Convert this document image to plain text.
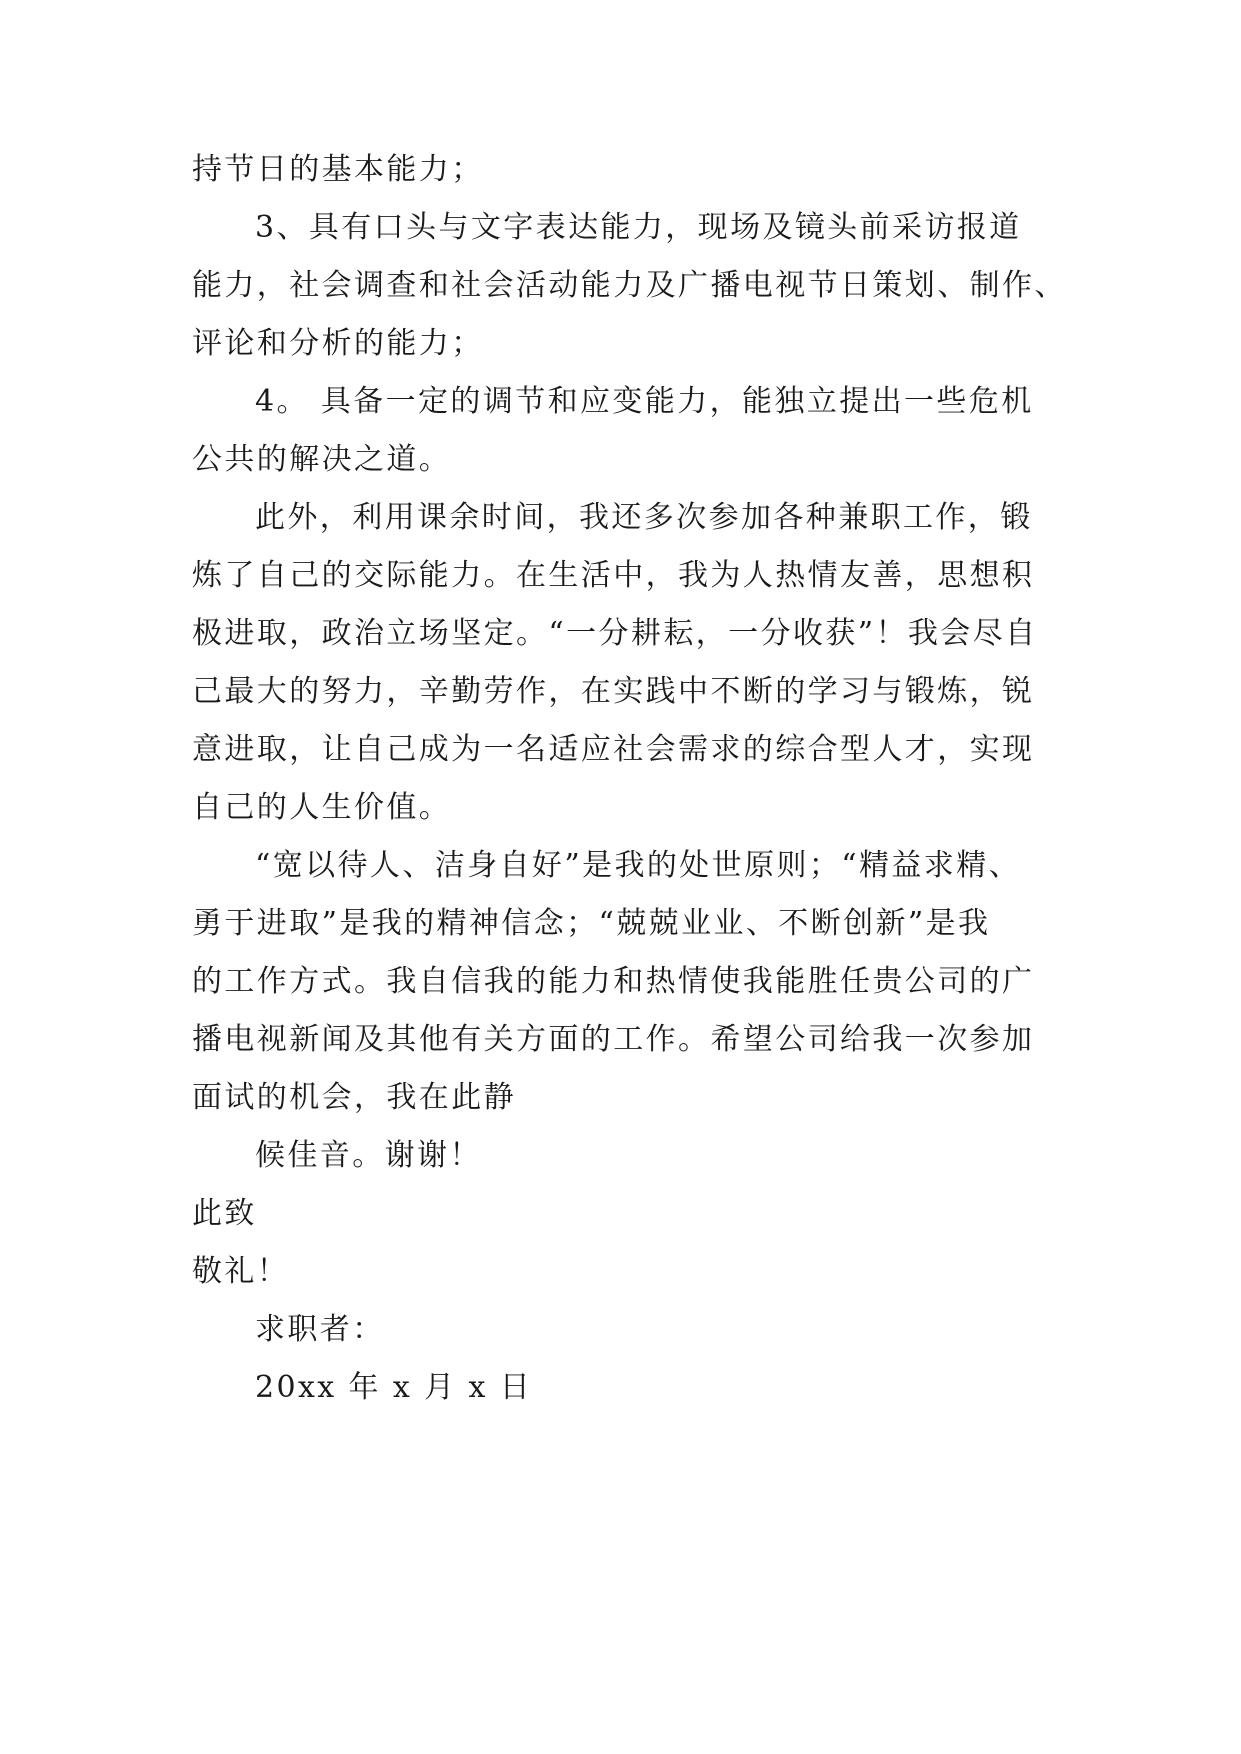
持节日的基本能力；
3、具有口头与文字表达能力，现场及镜头前采访报道
能力，社会调查和社会活动能力及广播电视节日策划、制作、
评论和分析的能力；
4。 具备一定的调节和应变能力，能独立提出一些危机
公共的解决之道。
此外，利用课余时间，我还多次参加各种兼职工作，锻
炼了自己的交际能力。在生活中，我为人热情友善，思想积
极进取，政治立场坚定。“一分耕耘，一分收获”！我会尽自
己最大的努力，辛勤劳作，在实践中不断的学习与锻炼，锐
意进取，让自己成为一名适应社会需求的综合型人才，实现
自己的人生价值。
“宽以待人、洁身自好”是我的处世原则；“精益求精、
勇于进取”是我的精神信念；“兢兢业业、不断创新”是我
的工作方式。我自信我的能力和热情使我能胜任贵公司的广
播电视新闻及其他有关方面的工作。希望公司给我一次参加
面试的机会，我在此静
候佳音。谢谢！
此致
敬礼！
求职者：
20xx 年 x 月 x 日
